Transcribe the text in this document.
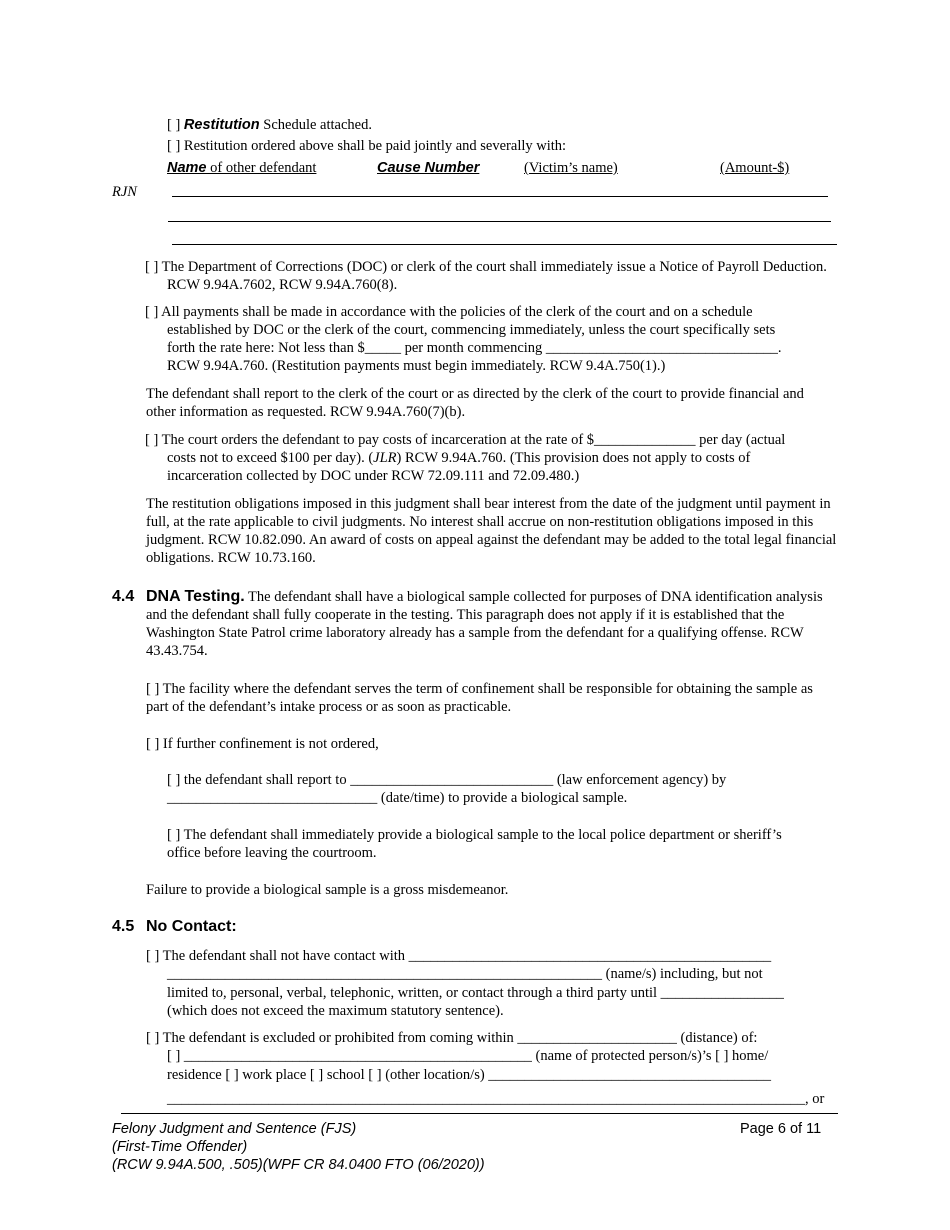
[ ] Restitution Schedule attached.
[ ] Restitution ordered above shall be paid jointly and severally with:
Name of other defendant	Cause Number	(Victim’s name)	(Amount-$)
RJN
[ ] The Department of Corrections (DOC) or clerk of the court shall immediately issue a Notice of Payroll Deduction. RCW 9.94A.7602, RCW 9.94A.760(8).
[ ] All payments shall be made in accordance with the policies of the clerk of the court and on a schedule
established by DOC or the clerk of the court, commencing immediately, unless the court specifically sets
forth the rate here: Not less than $_____ per month commencing ________________________________.
RCW 9.94A.760. (Restitution payments must begin immediately. RCW 9.4A.750(1).)
The defendant shall report to the clerk of the court or as directed by the clerk of the court to provide financial and other information as requested. RCW 9.94A.760(7)(b).
[ ] The court orders the defendant to pay costs of incarceration at the rate of $______________ per day (actual
costs not to exceed $100 per day). (JLR) RCW 9.94A.760. (This provision does not apply to costs of
incarceration collected by DOC under RCW 72.09.111 and 72.09.480.)
The restitution obligations imposed in this judgment shall bear interest from the date of the judgment until payment in full, at the rate applicable to civil judgments. No interest shall accrue on non-restitution obligations imposed in this judgment. RCW 10.82.090. An award of costs on appeal against the defendant may be added to the total legal financial obligations. RCW 10.73.160.
4.4 DNA Testing. The defendant shall have a biological sample collected for purposes of DNA identification analysis and the defendant shall fully cooperate in the testing. This paragraph does not apply if it is established that the Washington State Patrol crime laboratory already has a sample from the defendant for a qualifying offense. RCW 43.43.754.
[ ] The facility where the defendant serves the term of confinement shall be responsible for obtaining the sample as part of the defendant’s intake process or as soon as practicable.
[ ] If further confinement is not ordered,
[ ] the defendant shall report to ____________________________ (law enforcement agency) by
_____________________________ (date/time) to provide a biological sample.
[ ] The defendant shall immediately provide a biological sample to the local police department or sheriff’s office before leaving the courtroom.
Failure to provide a biological sample is a gross misdemeanor.
4.5 No Contact:
[ ] The defendant shall not have contact with __________________________________________________
____________________________________________________________ (name/s) including, but not
limited to, personal, verbal, telephonic, written, or contact through a third party until _________________
(which does not exceed the maximum statutory sentence).
[ ] The defendant is excluded or prohibited from coming within ______________________ (distance) of:
[ ] ________________________________________________ (name of protected person/s)’s [ ] home/
residence [ ] work place [ ] school [ ] (other location/s) _______________________________________
________________________________________________________________________________________, or
Felony Judgment and Sentence (FJS)
(First-Time Offender)
(RCW 9.94A.500, .505)(WPF CR 84.0400 FTO (06/2020))
Page 6 of 11
